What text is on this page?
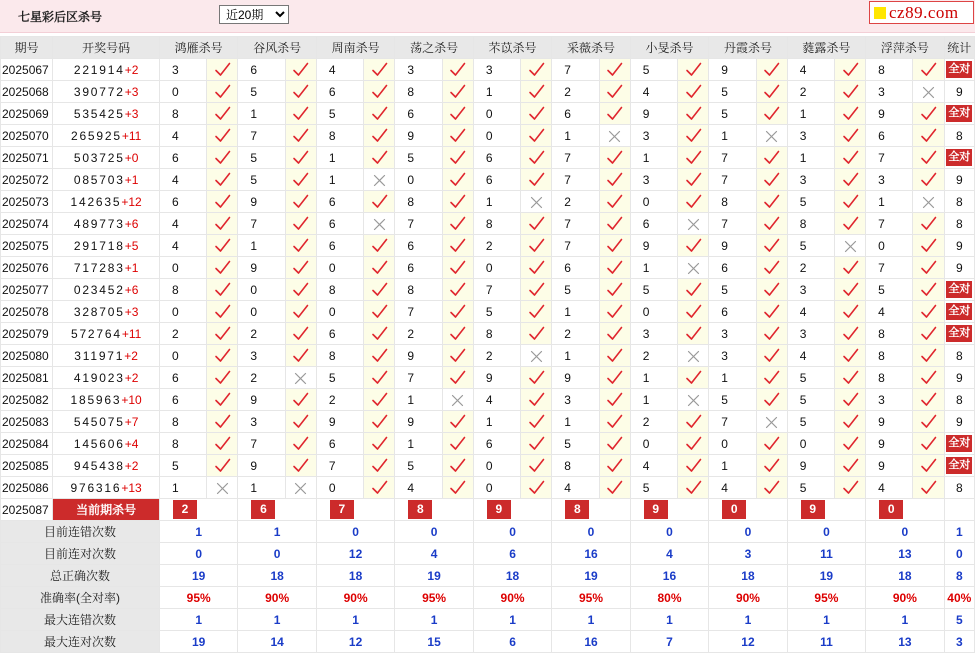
七星彩后区杀号
近20期	cz89.com
期号	开奖号码	鸿雁杀号		谷风杀号		周南杀号		荡之杀号		芣苡杀号		采薇杀号		小旻杀号		丹霞杀号		蕤露杀号		浮萍杀号		统计
2025067	221914+2	3		6		4		3		3		7		5		9		4		8		全对
2025068	390772+3	0		5		6		8		1		2		4		5		2		3		9
2025069	535425+3	8		1		5		6		0		6		9		5		1		9		全对
2025070	265925+11	4		7		8		9		0		1		3		1		3		6		8
2025071	503725+0	6		5		1		5		6		7		1		7		1		7		全对
2025072	085703+1	4		5		1		0		6		7		3		7		3		3		9
2025073	142635+12	6		9		6		8		1		2		0		8		5		1		8
2025074	489773+6	4		7		6		7		8		7		6		7		8		7		8
2025075	291718+5	4		1		6		6		2		7		9		9		5		0		9
2025076	717283+1	0		9		0		6		0		6		1		6		2		7		9
2025077	023452+6	8		0		8		8		7		5		5		5		3		5		全对
2025078	328705+3	0		0		0		7		5		1		0		6		4		4		全对
2025079	572764+11	2		2		6		2		8		2		3		3		3		8		全对
2025080	311971+2	0		3		8		9		2		1		2		3		4		8		8
2025081	419023+2	6		2		5		7		9		9		1		1		5		8		9
2025082	185963+10	6		9		2		1		4		3		1		5		5		3		8
2025083	545075+7	8		3		9		9		1		1		2		7		5		9		9
2025084	145606+4	8		7		6		1		6		5		0		0		0		9		全对
2025085	945438+2	5		9		7		5		0		8		4		1		9		9		全对
2025086	976316+13	1		1		0		4		0		4		5		4		5		4		8
2025087	当前期杀号	2		6		7		8		9		8		9		0		9		0		
目前连错次数		1		1		0		0		0		0		0		0		0		0		1
目前连对次数		0		0		12		4		6		16		4		3		11		13		0
总正确次数		19		18		18		19		18		19		16		18		19		18		8
准确率(全对率)		95%		90%		90%		95%		90%		95%		80%		90%		95%		90%		40%
最大连错次数		1		1		1		1		1		1		1		1		1		1		5
最大连对次数		19		14		12		15		6		16		7		12		11		13		3
